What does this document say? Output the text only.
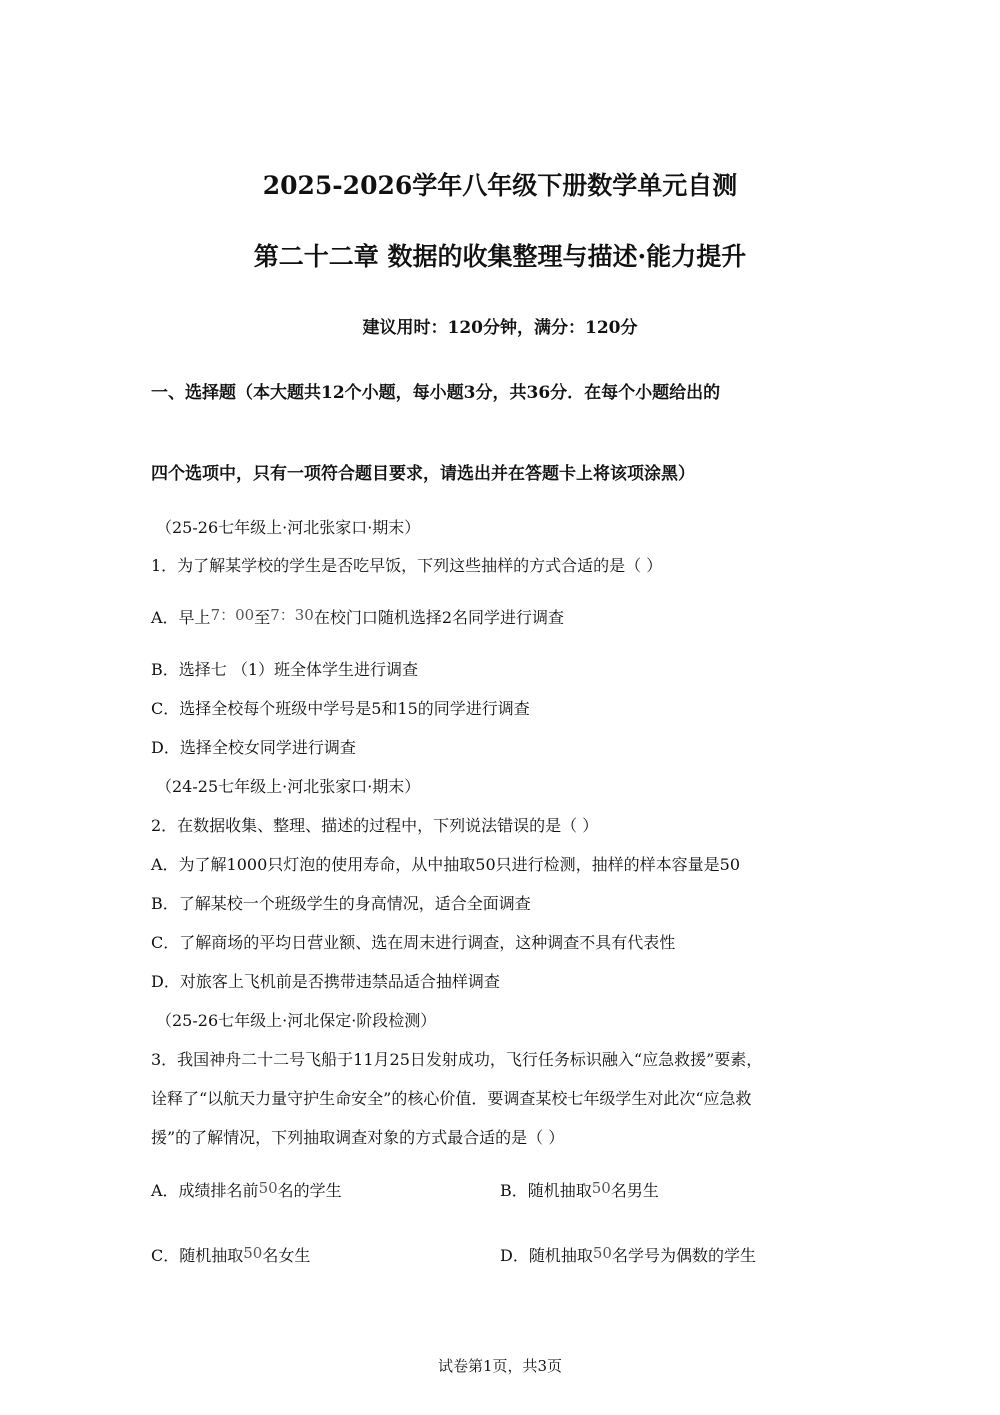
2025-2026学年八年级下册数学单元自测
第二十二章 数据的收集整理与描述·能力提升
建议用时：120分钟，满分：120分
一、选择题（本大题共12个小题，每小题3分，共36分．在每个小题给出的
四个选项中，只有一项符合题目要求，请选出并在答题卡上将该项涂黑）
（25-26七年级上·河北张家口·期末）
1．为了解某学校的学生是否吃早饭，下列这些抽样的方式合适的是（ ）
A．早上7：00至7：30在校门口随机选择2名同学进行调查
B．选择七 （1）班全体学生进行调查
C．选择全校每个班级中学号是5和15的同学进行调查
D．选择全校女同学进行调查
（24-25七年级上·河北张家口·期末）
2．在数据收集、整理、描述的过程中，下列说法错误的是（ ）
A．为了解1000只灯泡的使用寿命，从中抽取50只进行检测，抽样的样本容量是50
B．了解某校一个班级学生的身高情况，适合全面调查
C．了解商场的平均日营业额、选在周末进行调查，这种调查不具有代表性
D．对旅客上飞机前是否携带违禁品适合抽样调查
（25-26七年级上·河北保定·阶段检测）
3．我国神舟二十二号飞船于11月25日发射成功，飞行任务标识融入“应急救援”要素，
诠释了“以航天力量守护生命安全”的核心价值．要调查某校七年级学生对此次“应急救
援”的了解情况，下列抽取调查对象的方式最合适的是（ ）
A．成绩排名前50名的学生	B．随机抽取50名男生
C．随机抽取50名女生	D．随机抽取50名学号为偶数的学生
试卷第1页，共3页
